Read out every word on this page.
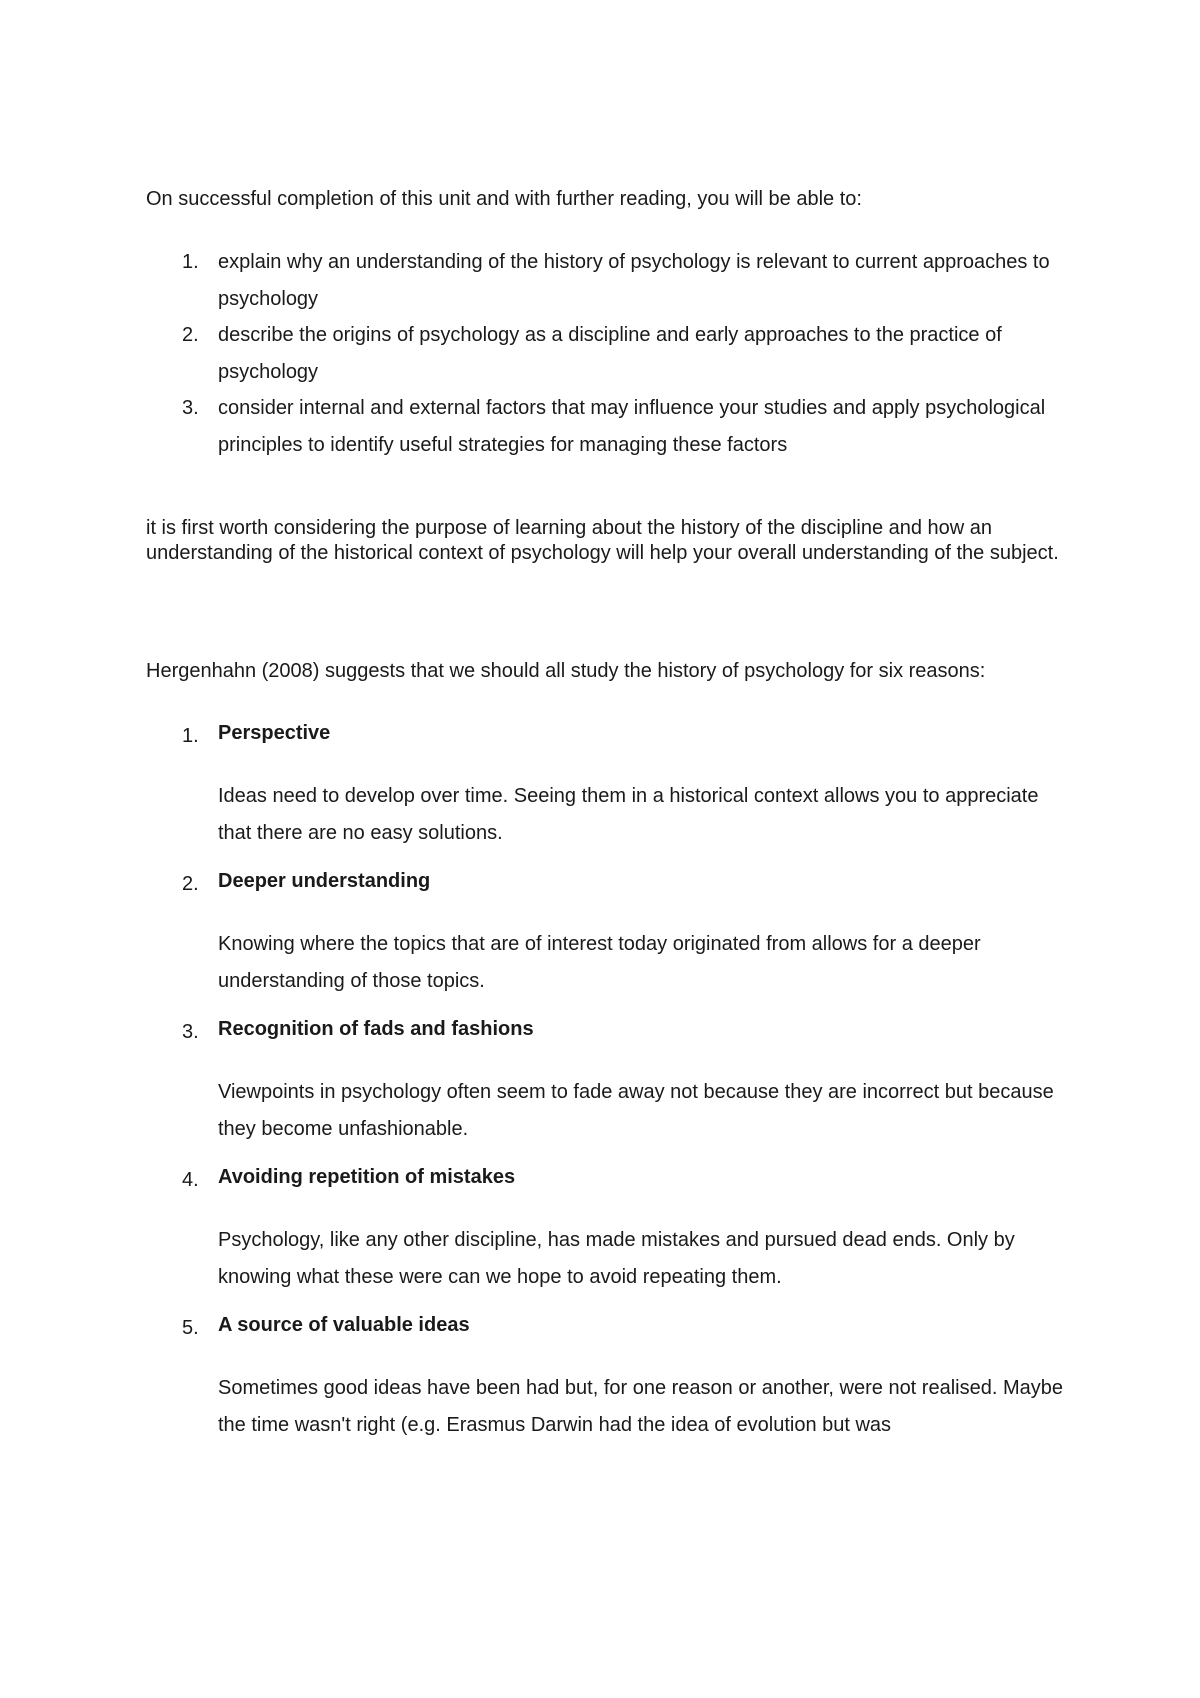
On successful completion of this unit and with further reading, you will be able to:
1. explain why an understanding of the history of psychology is relevant to current approaches to psychology
2. describe the origins of psychology as a discipline and early approaches to the practice of psychology
3. consider internal and external factors that may influence your studies and apply psychological principles to identify useful strategies for managing these factors
it is first worth considering the purpose of learning about the history of the discipline and how an understanding of the historical context of psychology will help your overall understanding of the subject.
Hergenhahn (2008) suggests that we should all study the history of psychology for six reasons:
1. Perspective
Ideas need to develop over time. Seeing them in a historical context allows you to appreciate that there are no easy solutions.
2. Deeper understanding
Knowing where the topics that are of interest today originated from allows for a deeper understanding of those topics.
3. Recognition of fads and fashions
Viewpoints in psychology often seem to fade away not because they are incorrect but because they become unfashionable.
4. Avoiding repetition of mistakes
Psychology, like any other discipline, has made mistakes and pursued dead ends. Only by knowing what these were can we hope to avoid repeating them.
5. A source of valuable ideas
Sometimes good ideas have been had but, for one reason or another, were not realised. Maybe the time wasn't right (e.g. Erasmus Darwin had the idea of evolution but was
